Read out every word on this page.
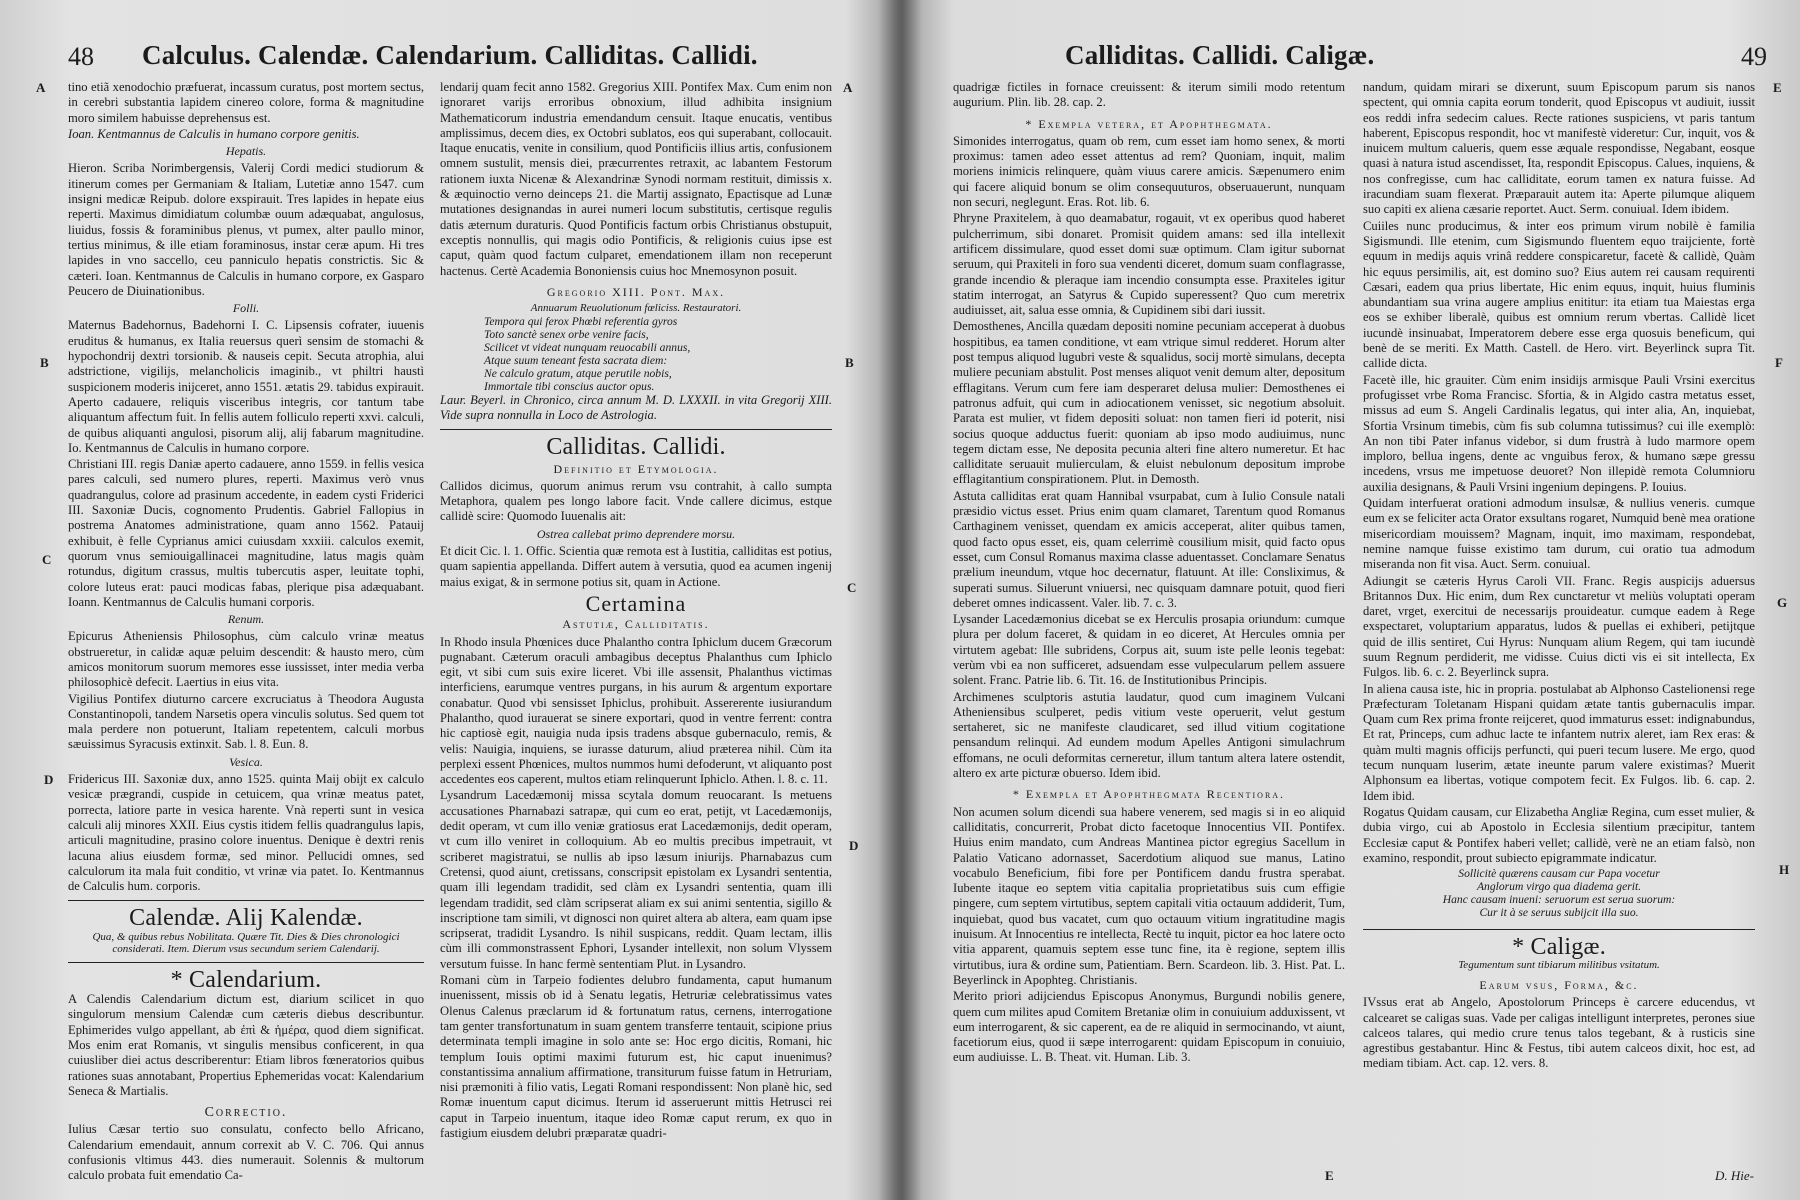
48 Calculus. Calendæ. Calendarium. Calliditas. Callidi.
A
B
C
D

tino etiã xenodochio præfuerat, incassum curatus, post mortem sectus, in cerebri substantia lapidem cinereo colore, forma & magnitudine moro similem habuisse deprehensus est.

Ioan. Kentmannus de Calculis in humano corpore genitis.

Hepatis.

Hieron. Scriba Norimbergensis, Valerij Cordi medici studiorum & itinerum comes per Germaniam & Italiam, Lutetiæ anno 1547. cum insigni medicæ Reipub. dolore exspirauit. Tres lapides in hepate eius reperti. Maximus dimidiatum columbæ ouum adæquabat, angulosus, liuidus, fossis & foraminibus plenus, vt pumex, alter paullo minor, tertius minimus, & ille etiam foraminosus, instar ceræ apum. Hi tres lapides in vno saccello, ceu panniculo hepatis constrictis. Sic & cæteri. Ioan. Kentmannus de Calculis in humano corpore, ex Gasparo Peucero de Diuinationibus.

Folli.

Maternus Badehornus, Badehorni I. C. Lipsensis cofrater, iuuenis eruditus & humanus, ex Italia reuersus querì sensim de stomachi & hypochondrij dextri torsionib. & nauseis cepit. Secuta atrophia, alui adstrictione, vigilijs, melancholicis imaginib., vt philtri haustì suspicionem moderis inijceret, anno 1551. ætatis 29. tabidus expirauit. Aperto cadauere, reliquis visceribus integris, cor tantum tabe aliquantum affectum fuit. In fellis autem folliculo reperti xxvi. calculi, de quibus aliquanti angulosi, pisorum alij, alij fabarum magnitudine. Io. Kentmannus de Calculis in humano corpore.

Christiani III. regis Daniæ aperto cadauere, anno 1559. in fellis vesica pares calculi, sed numero plures, reperti. Maximus verò vnus quadrangulus, colore ad prasinum accedente, in eadem cysti Friderici III. Saxoniæ Ducis, cognomento Prudentis. Gabriel Fallopius in postrema Anatomes administratione, quam anno 1562. Patauij exhibuit, è felle Cyprianus amici cuiusdam xxxiii. calculos exemit, quorum vnus semiouigallinacei magnitudine, latus magis quàm rotundus, digitum crassus, multis tubercutis asper, leuitate tophi, colore luteus erat: pauci modicas fabas, plerique pisa adæquabant. Ioann. Kentmannus de Calculis humani corporis.

Renum.

Epicurus Atheniensis Philosophus, cùm calculo vrinæ meatus obstrueretur, in calidæ aquæ peluim descendit: & hausto mero, cùm amicos monitorum suorum memores esse iussisset, inter media verba philosophicè defecit. Laertius in eius vita.

Vigilius Pontifex diuturno carcere excruciatus à Theodora Augusta Constantinopoli, tandem Narsetis opera vinculis solutus. Sed quem tot mala perdere non potuerunt, Italiam repetentem, calculi morbus sæuissimus Syracusis extinxit. Sab. l. 8. Eun. 8.

Vesica.

Fridericus III. Saxoniæ dux, anno 1525. quinta Maij obijt ex calculo vesicæ prægrandi, cuspide in cetuicem, qua vrinæ meatus patet, porrecta, latiore parte in vesica harente. Vnà reperti sunt in vesica calculi alij minores XXII. Eius cystis itidem fellis quadrangulus lapis, articuli magnitudine, prasino colore inuentus. Denique è dextri renis lacuna alius eiusdem formæ, sed minor. Pellucidi omnes, sed calculorum ita mala fuit conditio, vt vrinæ via patet. Io. Kentmannus de Calculis hum. corporis.

Calendæ. Alij Kalendæ.
Qua, & quibus rebus Nobilitata. Quære Tit. Dies & Dies chronologici considerati. Item. Dierum vsus secundum seriem Calendarij.
* Calendarium.

A Calendis Calendarium dictum est, diarium scilicet in quo singulorum mensium Calendæ cum cæteris diebus describuntur. Ephimerides vulgo appellant, ab ἐπὶ & ἡμέρα, quod diem significat. Mos enim erat Romanis, vt singulis mensibus conficerent, in qua cuiusliber diei actus describerentur: Etiam libros fœneratorios quibus rationes suas annotabant, Propertius Ephemeridas vocat: Kalendarium Seneca & Martialis.

Correctio.

Iulius Cæsar tertio suo consulatu, confecto bello Africano, Calendarium emendauit, annum correxit ab V. C. 706. Qui annus confusionis vltimus 443. dies numerauit. Solennis & multorum calculo probata fuit emendatio Ca-

lendarij quam fecit anno 1582. Gregorius XIII. Pontifex Max. Cum enim non ignoraret varijs erroribus obnoxium, illud adhibita insignium Mathematicorum industria emendandum censuit. Itaque enucatis, ventibus amplissimus, decem dies, ex Octobri sublatos, eos qui superabant, collocauit. Itaque enucatis, venite in consilium, quod Pontificiis illius artis, confusionem omnem sustulit, mensis diei, præcurrentes retraxit, ac labantem Festorum rationem iuxta Nicenæ & Alexandrinæ Synodi normam restituit, dimissis x. & æquinoctio verno deinceps 21. die Martij assignato, Epactisque ad Lunæ mutationes designandas in aurei numeri locum substitutis, certisque regulis datis æternum duraturis. Quod Pontificis factum orbis Christianus obstupuit, exceptis nonnullis, qui magis odio Pontificis, & religionis cuius ipse est caput, quàm quod factum culparet, emendationem illam non receperunt hactenus. Certè Academia Bononiensis cuius hoc Mnemosynon posuit.

Gregorio XIII. Pont. Max.
Annuarum Reuolutionum fœliciss. Restauratori.
Tempora qui ferox Phœbi referentia gyros
Toto sanctè senex orbe venire facis,
Scilicet vt videat nunquam reuocabili annus,
Atque suum teneant festa sacrata diem:
Ne calculo gratum, atque perutile nobis,
Immortale tibi conscius auctor opus.

Laur. Beyerl. in Chronico, circa annum M. D. LXXXII. in vita Gregorij XIII. Vide supra nonnulla in Loco de Astrologia.

Calliditas. Callidi.
Definitio et Etymologia.

Callidos dicimus, quorum animus rerum vsu contrahit, à callo sumpta Metaphora, qualem pes longo labore facit. Vnde callere dicimus, estque callidè scire: Quomodo Iuuenalis ait:

Ostrea callebat primo deprendere morsu.

Et dicit Cic. l. 1. Offic. Scientia quæ remota est à Iustitia, calliditas est potius, quam sapientia appellanda. Differt autem à versutia, quod ea acumen ingenij maius exigat, & in sermone potius sit, quam in Actione.

Certamina
Astutiæ, Calliditatis.

In Rhodo insula Phœnices duce Phalantho contra Iphiclum ducem Græcorum pugnabant. Cæterum oraculi ambagibus deceptus Phalanthus cum Iphiclo egit, vt sibi cum suis exire liceret. Vbi ille assensit, Phalanthus victimas interficiens, earumque ventres purgans, in his aurum & argentum exportare conabatur. Quod vbi sensisset Iphiclus, prohibuit. Assererente iusiurandum Phalantho, quod iurauerat se sinere exportari, quod in ventre ferrent: contra hic captiosè egit, nauigia nuda ipsis tradens absque gubernaculo, remis, & velis: Nauigia, inquiens, se iurasse daturum, aliud præterea nihil. Cùm ita perplexi essent Phœnices, multos nummos humi defoderunt, vt aliquanto post accedentes eos caperent, multos etiam relinquerunt Iphiclo. Athen. l. 8. c. 11.

Lysandrum Lacedæmonij missa scytala domum reuocarant. Is metuens accusationes Pharnabazi satrapæ, qui cum eo erat, petijt, vt Lacedæmonijs, dedit operam, vt cum illo veniæ gratiosus erat Lacedæmonijs, dedit operam, vt cum illo veniret in colloquium. Ab eo multis precibus impetrauit, vt scriberet magistratui, se nullis ab ipso læsum iniurijs. Pharnabazus cum Cretensi, quod aiunt, cretissans, conscripsit epistolam ex Lysandri sententia, quam illi legendam tradidit, sed clàm ex Lysandri sententia, quam illi legendam tradidit, sed clàm scripserat aliam ex sui animi sententia, sigillo & inscriptione tam simili, vt dignosci non quiret altera ab altera, eam quam ipse scripserat, tradidit Lysandro. Is nihil suspicans, reddit. Quam lectam, illis cùm illi commonstrassent Ephori, Lysander intellexit, non solum Vlyssem versutum fuisse. In hanc fermè sententiam Plut. in Lysandro.

Romani cùm in Tarpeio fodientes delubro fundamenta, caput humanum inuenissent, missis ob id à Senatu legatis, Hetruriæ celebratissimus vates Olenus Calenus præclarum id & fortunatum ratus, cernens, interrogatione tam genter transfortunatum in suam gentem transferre tentauit, scipione prius determinata templi imagine in solo ante se: Hoc ergo dicitis, Romani, hic templum Iouis optimi maximi futurum est, hic caput inuenimus? constantissima annalium affirmatione, transiturum fuisse fatum in Hetruriam, nisi præmoniti à filio vatis, Legati Romani respondissent: Non planè hic, sed Romæ inuentum caput dicimus. Iterum id asseruerunt mittis Hetrusci rei caput in Tarpeio inuentum, itaque ideo Romæ caput rerum, ex quo in fastigium eiusdem delubri præparatæ quadri-

Calliditas. Callidi. Caligæ.	49
A
B
C
D
E
F
G
H

quadrigæ fictiles in fornace creuissent: & iterum simili modo retentum augurium. Plin. lib. 28. cap. 2.

* Exempla vetera, et Apophthegmata.

Simonides interrogatus, quam ob rem, cum esset iam homo senex, & morti proximus: tamen adeo esset attentus ad rem? Quoniam, inquit, malim moriens inimicis relinquere, quàm viuus carere amicis. Sæpenumero enim qui facere aliquid bonum se olim consequuturos, obseruauerunt, nunquam non securi, neglegunt. Eras. Rot. lib. 6.

Phryne Praxitelem, à quo deamabatur, rogauit, vt ex operibus quod haberet pulcherrimum, sibi donaret. Promisit quidem amans: sed illa intellexit artificem dissimulare, quod esset domi suæ optimum. Clam igitur subornat seruum, qui Praxiteli in foro sua vendenti diceret, domum suam conflagrasse, grande incendio & pleraque iam incendio consumpta esse. Praxiteles igitur statim interrogat, an Satyrus & Cupido superessent? Quo cum meretrix audiuisset, ait, salua esse omnia, & Cupidinem sibi dari iussit.

Demosthenes, Ancilla quædam depositi nomine pecuniam acceperat à duobus hospitibus, ea tamen conditione, vt eam vtrique simul redderet. Horum alter post tempus aliquod lugubri veste & squalidus, socij mortè simulans, decepta muliere pecuniam abstulit. Post menses aliquot venit demum alter, depositum efflagitans. Verum cum fere iam desperaret delusa mulier: Demosthenes ei patronus adfuit, qui cum in adiocationem venisset, sic negotium absoluit. Parata est mulier, vt fidem depositi soluat: non tamen fieri id poterit, nisi socius quoque adductus fuerit: quoniam ab ipso modo audiuimus, nunc tegem dictam esse, Ne deposita pecunia alteri fine altero numeretur. Et hac calliditate seruauit mulierculam, & eluist nebulonum depositum improbe efflagitantium conspirationem. Plut. in Demosth.

Astuta calliditas erat quam Hannibal vsurpabat, cum à Iulio Consule natali præsidio victus esset. Prius enim quam clamaret, Tarentum quod Romanus Carthaginem venisset, quendam ex amicis acceperat, aliter quibus tamen, quod facto opus esset, eis, quam celerrimè cousilium misit, quid facto opus esset, cum Consul Romanus maxima classe aduentasset. Conclamare Senatus prælium ineundum, vtque hoc decernatur, flatuunt. At ille: Consliximus, & superati sumus. Siluerunt vniuersi, nec quisquam damnare potuit, quod fieri deberet omnes indicassent. Valer. lib. 7. c. 3.

Lysander Lacedæmonius dicebat se ex Herculis prosapia oriundum: cumque plura per dolum faceret, & quidam in eo diceret, At Hercules omnia per virtutem agebat: Ille subridens, Corpus ait, suum iste pelle leonis tegebat: verùm vbi ea non sufficeret, adsuendam esse vulpecularum pellem assuere solent. Franc. Patrie lib. 6. Tit. 16. de Institutionibus Principis.

Archimenes sculptoris astutia laudatur, quod cum imaginem Vulcani Atheniensibus sculperet, pedis vitium veste operuerit, velut gestum sertaheret, sic ne manifeste claudicaret, sed illud vitium cogitatione pensandum relinqui. Ad eundem modum Apelles Antigoni simulachrum effomans, ne oculi deformitas cerneretur, illum tantum altera latere ostendit, altero ex arte picturæ obuerso. Idem ibid.

* Exempla et Apophthegmata Recentiora.

Non acumen solum dicendi sua habere venerem, sed magis si in eo aliquid calliditatis, concurrerit, Probat dicto facetoque Innocentius VII. Pontifex. Huius enim mandato, cum Andreas Mantinea pictor egregius Sacellum in Palatio Vaticano adornasset, Sacerdotium aliquod sue manus, Latino vocabulo Beneficium, fibi fore per Pontificem dandu frustra sperabat. Iubente itaque eo septem vitia capitalia proprietatibus suis cum effigie pingere, cum septem virtutibus, septem capitali vitia octauum addiderit, Tum, inquiebat, quod bus vacatet, cum quo octauum vitium ingratitudine magis inuisum. At Innocentius re intellecta, Rectè tu inquit, pictor ea hoc latere octo vitia apparent, quamuis septem esse tunc fine, ita è regione, septem illis virtutibus, iura & ordine sum, Patientiam. Bern. Scardeon. lib. 3. Hist. Pat. L. Beyerlinck in Apophteg. Christianis.

Merito priori adijciendus Episcopus Anonymus, Burgundi nobilis genere, quem cum milites apud Comitem Bretaniæ olim in conuiuium adduxissent, vt eum interrogarent, & sic caperent, ea de re aliquid in sermocinando, vt aiunt, facetiorum eius, quod ii sæpe interrogarent: quidam Episcopum in conuiuio, eum audiuisse. L. B. Theat. vit. Human. Lib. 3.

nandum, quidam mirari se dixerunt, suum Episcopum parum sis nanos spectent, qui omnia capita eorum tonderit, quod Episcopus vt audiuit, iussit eos reddi infra sedecim calues. Recte rationes suspiciens, vt paris tantum haberent, Episcopus respondit, hoc vt manifestè videretur: Cur, inquit, vos & inuicem multum calueris, quem esse æquale respondisse, Negabant, eosque quasi à natura istud ascendisset, Ita, respondit Episcopus. Calues, inquiens, & nos confregisse, cum hac calliditate, eorum tamen ex natura fuisse. Ad iracundiam suam flexerat. Præparauit autem ita: Aperte pilumque aliquem suo capiti ex aliena cæsarie reportet. Auct. Serm. conuiual. Idem ibidem.

Cuiiles nunc producimus, & inter eos primum virum nobilè è familia Sigismundi. Ille etenim, cum Sigismundo fluentem equo traijciente, fortè equum in medijs aquis vrinâ reddere conspicaretur, facetè & callidè, Quàm hic equus persimilis, ait, est domino suo? Eius autem rei causam requirenti Cæsari, eadem qua prius libertate, Hic enim equus, inquit, huius fluminis abundantiam sua vrina augere amplius enititur: ita etiam tua Maiestas erga eos se exhiber liberalè, quibus est omnium rerum vbertas. Callidè licet iucundè insinuabat, Imperatorem debere esse erga quosuis beneficum, qui benè de se meriti. Ex Matth. Castell. de Hero. virt. Beyerlinck supra Tit. callide dicta.

Facetè ille, hic grauiter. Cùm enim insidijs armisque Pauli Vrsini exercitus profugisset vrbe Roma Francisc. Sfortia, & in Algido castra metatus esset, missus ad eum S. Angeli Cardinalis legatus, qui inter alia, An, inquiebat, Sfortia Vrsinum timebis, cùm fis sub columna tutissimus? cui ille exemplò: An non tibi Pater infanus videbor, si dum frustrà à ludo marmore opem imploro, bellua ingens, dente ac vnguibus ferox, & humano sæpe gressu incedens, vrsus me impetuose deuoret? Non illepidè remota Columnioru auxilia designans, & Pauli Vrsini ingenium depingens. P. Iouius.

Quidam interfuerat orationi admodum insulsæ, & nullius veneris. cumque eum ex se feliciter acta Orator exsultans rogaret, Numquid benè mea oratione misericordiam mouissem? Magnam, inquit, imo maximam, respondebat, nemine namque fuisse existimo tam durum, cui oratio tua admodum miseranda non fit visa. Auct. Serm. conuiual.

Adiungit se cæteris Hyrus Caroli VII. Franc. Regis auspicijs aduersus Britannos Dux. Hic enim, dum Rex cunctaretur vt meliùs voluptati operam daret, vrget, exercitui de necessarijs prouideatur. cumque eadem à Rege exspectaret, voluptarium apparatus, ludos & puellas ei exhiberi, petijtque quid de illis sentiret, Cui Hyrus: Nunquam alium Regem, qui tam iucundè suum Regnum perdiderit, me vidisse. Cuius dicti vis ei sit intellecta, Ex Fulgos. lib. 6. c. 2. Beyerlinck supra.

In aliena causa iste, hic in propria. postulabat ab Alphonso Castelionensi rege Præfecturam Toletanam Hispani quidam ætate tantis gubernaculis impar. Quam cum Rex prima fronte reijceret, quod immaturus esset: indignabundus, Et rat, Princeps, cum adhuc lacte te infantem nutrix aleret, iam Rex eras: & quàm multi magnis officijs perfuncti, qui pueri tecum lusere. Me ergo, quod tecum nunquam luserim, ætate ineunte parum valere existimas? Muerit Alphonsum ea libertas, votique compotem fecit. Ex Fulgos. lib. 6. cap. 2. Idem ibid.

Rogatus Quidam causam, cur Elizabetha Angliæ Regina, cum esset mulier, & dubia virgo, cui ab Apostolo in Ecclesia silentium præcipitur, tantem Ecclesiæ caput & Pontifex haberi vellet; callidè, verè ne an etiam falsò, non examino, respondit, prout subiecto epigrammate indicatur.

Sollicitè quærens causam cur Papa vocetur
Anglorum virgo qua diadema gerit.
Hanc causam inueni: seruorum est serua suorum:
Cur it à se seruus subijcit illa suo.
* Caligæ.
Tegumentum sunt tibiarum militibus vsitatum.
Earum vsus, Forma, &c.

IVssus erat ab Angelo, Apostolorum Princeps è carcere educendus, vt calcearet se caligas suas. Vade per caligas intelligunt interpretes, perones siue calceos talares, qui medio crure tenus talos tegebant, & à rusticis sine agrestibus gestabantur. Hinc & Festus, tibi autem calceos dixit, hoc est, ad mediam tibiam. Act. cap. 12. vers. 8.

E	D. Hie-
